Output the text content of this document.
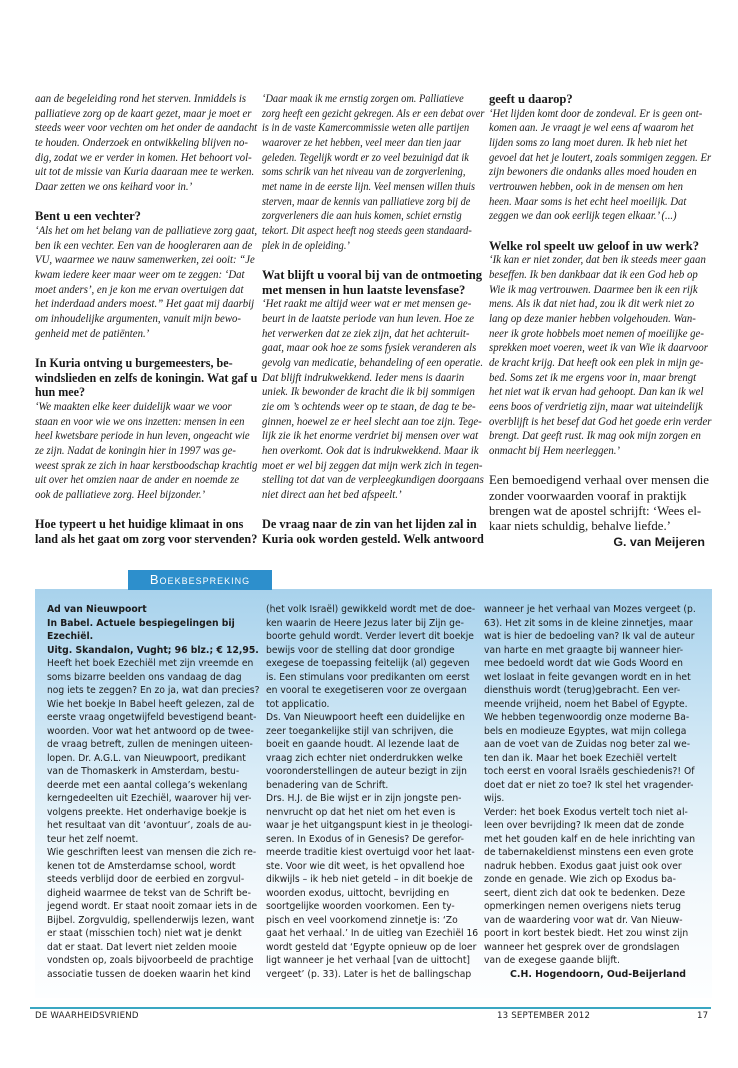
aan de begeleiding rond het sterven. Inmiddels is
palliatieve zorg op de kaart gezet, maar je moet er
steeds weer voor vechten om het onder de aandacht
te houden. Onderzoek en ontwikkeling blijven no-
dig, zodat we er verder in komen. Het behoort vol-
uit tot de missie van Kuria daaraan mee te werken.
Daar zetten we ons keihard voor in.’
Bent u een vechter?
‘Als het om het belang van de palliatieve zorg gaat,
ben ik een vechter. Een van de hoogleraren aan de
VU, waarmee we nauw samenwerken, zei ooit: “Je
kwam iedere keer maar weer om te zeggen: ‘Dat
moet anders’, en je kon me ervan overtuigen dat
het inderdaad anders moest.” Het gaat mij daarbij
om inhoudelijke argumenten, vanuit mijn bewo-
genheid met de patiënten.’
In Kuria ontving u burgemeesters, be-
windslieden en zelfs de koningin. Wat gaf u
hun mee?
‘We maakten elke keer duidelijk waar we voor
staan en voor wie we ons inzetten: mensen in een
heel kwetsbare periode in hun leven, ongeacht wie
ze zijn. Nadat de koningin hier in 1997 was ge-
weest sprak ze zich in haar kerstboodschap krachtig
uit over het omzien naar de ander en noemde ze
ook de palliatieve zorg. Heel bijzonder.’
Hoe typeert u het huidige klimaat in ons
land als het gaat om zorg voor stervenden?
‘Daar maak ik me ernstig zorgen om. Palliatieve
zorg heeft een gezicht gekregen. Als er een debat over
is in de vaste Kamercommissie weten alle partijen
waarover ze het hebben, veel meer dan tien jaar
geleden. Tegelijk wordt er zo veel bezuinigd dat ik
soms schrik van het niveau van de zorgverlening,
met name in de eerste lijn. Veel mensen willen thuis
sterven, maar de kennis van palliatieve zorg bij de
zorgverleners die aan huis komen, schiet ernstig
tekort. Dit aspect heeft nog steeds geen standaard-
plek in de opleiding.’
Wat blijft u vooral bij van de ontmoeting
met mensen in hun laatste levensfase?
‘Het raakt me altijd weer wat er met mensen ge-
beurt in de laatste periode van hun leven. Hoe ze
het verwerken dat ze ziek zijn, dat het achteruit-
gaat, maar ook hoe ze soms fysiek veranderen als
gevolg van medicatie, behandeling of een operatie.
Dat blijft indrukwekkend. Ieder mens is daarin
uniek. Ik bewonder de kracht die ik bij sommigen
zie om ’s ochtends weer op te staan, de dag te be-
ginnen, hoewel ze er heel slecht aan toe zijn. Tege-
lijk zie ik het enorme verdriet bij mensen over wat
hen overkomt. Ook dat is indrukwekkend. Maar ik
moet er wel bij zeggen dat mijn werk zich in tegen-
stelling tot dat van de verpleegkundigen doorgaans
niet direct aan het bed afspeelt.’
De vraag naar de zin van het lijden zal in
Kuria ook worden gesteld. Welk antwoord
geeft u daarop?
‘Het lijden komt door de zondeval. Er is geen ont-
komen aan. Je vraagt je wel eens af waarom het
lijden soms zo lang moet duren. Ik heb niet het
gevoel dat het je loutert, zoals sommigen zeggen. Er
zijn bewoners die ondanks alles moed houden en
vertrouwen hebben, ook in de mensen om hen
heen. Maar soms is het echt heel moeilijk. Dat
zeggen we dan ook eerlijk tegen elkaar.’ (...)
Welke rol speelt uw geloof in uw werk?
‘Ik kan er niet zonder, dat ben ik steeds meer gaan
beseffen. Ik ben dankbaar dat ik een God heb op
Wie ik mag vertrouwen. Daarmee ben ik een rijk
mens. Als ik dat niet had, zou ik dit werk niet zo
lang op deze manier hebben volgehouden. Wan-
neer ik grote hobbels moet nemen of moeilijke ge-
sprekken moet voeren, weet ik van Wie ik daarvoor
de kracht krijg. Dat heeft ook een plek in mijn ge-
bed. Soms zet ik me ergens voor in, maar brengt
het niet wat ik ervan had gehoopt. Dan kan ik wel
eens boos of verdrietig zijn, maar wat uiteindelijk
overblijft is het besef dat God het goede erin verder
brengt. Dat geeft rust. Ik mag ook mijn zorgen en
onmacht bij Hem neerleggen.’
Een bemoedigend verhaal over mensen die
zonder voorwaarden vooraf in praktijk
brengen wat de apostel schrijft: ‘Wees el-
kaar niets schuldig, behalve liefde.’
G. van Meijeren
Boekbespreking
Ad van Nieuwpoort
In Babel. Actuele bespiegelingen bij
Ezechiël.
Uitg. Skandalon, Vught; 96 blz.; € 12,95.
Heeft het boek Ezechiël met zijn vreemde en
soms bizarre beelden ons vandaag de dag
nog iets te zeggen? En zo ja, wat dan precies?
Wie het boekje In Babel heeft gelezen, zal de
eerste vraag ongetwijfeld bevestigend beant-
woorden. Voor wat het antwoord op de twee-
de vraag betreft, zullen de meningen uiteen-
lopen. Dr. A.G.L. van Nieuwpoort, predikant
van de Thomaskerk in Amsterdam, bestu-
deerde met een aantal collega’s wekenlang
kerngedeelten uit Ezechiël, waarover hij ver-
volgens preekte. Het onderhavige boekje is
het resultaat van dit ‘avontuur’, zoals de au-
teur het zelf noemt.
Wie geschriften leest van mensen die zich re-
kenen tot de Amsterdamse school, wordt
steeds verblijd door de eerbied en zorgvul-
digheid waarmee de tekst van de Schrift be-
jegend wordt. Er staat nooit zomaar iets in de
Bijbel. Zorgvuldig, spellenderwijs lezen, want
er staat (misschien toch) niet wat je denkt
dat er staat. Dat levert niet zelden mooie
vondsten op, zoals bijvoorbeeld de prachtige
associatie tussen de doeken waarin het kind
(het volk Israël) gewikkeld wordt met de doe-
ken waarin de Heere Jezus later bij Zijn ge-
boorte gehuld wordt. Verder levert dit boekje
bewijs voor de stelling dat door grondige
exegese de toepassing feitelijk (al) gegeven
is. Een stimulans voor predikanten om eerst
en vooral te exegetiseren voor ze overgaan
tot applicatio.
Ds. Van Nieuwpoort heeft een duidelijke en
zeer toegankelijke stijl van schrijven, die
boeit en gaande houdt. Al lezende laat de
vraag zich echter niet onderdrukken welke
vooronderstellingen de auteur bezigt in zijn
benadering van de Schrift.
Drs. H.J. de Bie wijst er in zijn jongste pen-
nenvrucht op dat het niet om het even is
waar je het uitgangspunt kiest in je theologi-
seren. In Exodus of in Genesis? De gerefor-
meerde traditie kiest overtuigd voor het laat-
ste. Voor wie dit weet, is het opvallend hoe
dikwijls – ik heb niet geteld – in dit boekje de
woorden exodus, uittocht, bevrijding en
soortgelijke woorden voorkomen. Een ty-
pisch en veel voorkomend zinnetje is: ‘Zo
gaat het verhaal.’ In de uitleg van Ezechiël 16
wordt gesteld dat ‘Egypte opnieuw op de loer
ligt wanneer je het verhaal [van de uittocht]
vergeet’ (p. 33). Later is het de ballingschap
wanneer je het verhaal van Mozes vergeet (p.
63). Het zit soms in de kleine zinnetjes, maar
wat is hier de bedoeling van? Ik val de auteur
van harte en met graagte bij wanneer hier-
mee bedoeld wordt dat wie Gods Woord en
wet loslaat in feite gevangen wordt en in het
diensthuis wordt (terug)gebracht. Een ver-
meende vrijheid, noem het Babel of Egypte.
We hebben tegenwoordig onze moderne Ba-
bels en modieuze Egyptes, wat mijn collega
aan de voet van de Zuidas nog beter zal we-
ten dan ik. Maar het boek Ezechiël vertelt
toch eerst en vooral Israëls geschiedenis?! Of
doet dat er niet zo toe? Ik stel het vragender-
wijs.
Verder: het boek Exodus vertelt toch niet al-
leen over bevrijding? Ik meen dat de zonde
met het gouden kalf en de hele inrichting van
de tabernakeldienst minstens een even grote
nadruk hebben. Exodus gaat juist ook over
zonde en genade. Wie zich op Exodus ba-
seert, dient zich dat ook te bedenken. Deze
opmerkingen nemen overigens niets terug
van de waardering voor wat dr. Van Nieuw-
poort in kort bestek biedt. Het zou winst zijn
wanneer het gesprek over de grondslagen
van de exegese gaande blijft.
C.H. Hogendoorn, Oud-Beijerland
DE WAARHEIDSVRIEND	13 SEPTEMBER 2012	17
